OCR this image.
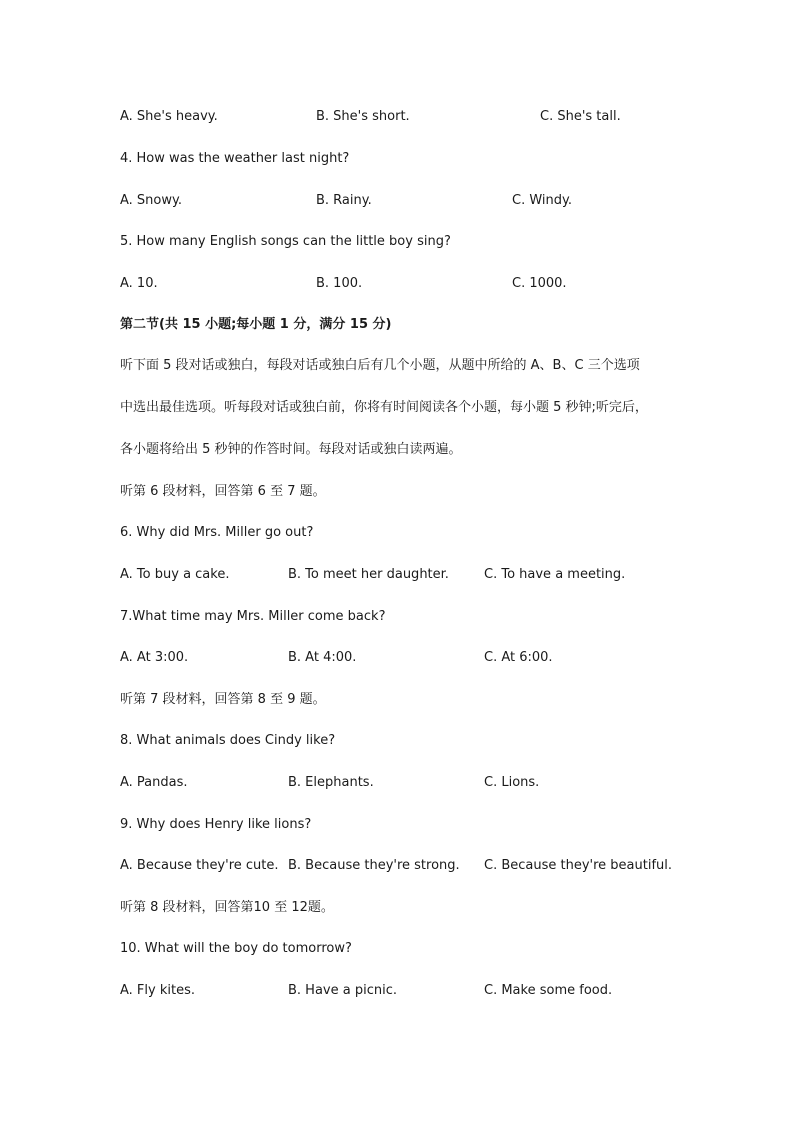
A. She's heavy.	B. She's short.	C. She's tall.
4. How was the weather last night?
A. Snowy.	B. Rainy.	C. Windy.
5. How many English songs can the little boy sing?
A. 10.	B. 100.	C. 1000.
第二节(共 15 小题;每小题 1 分，满分 15 分)
听下面 5 段对话或独白，每段对话或独白后有几个小题，从题中所给的 A、B、C 三个选项
中选出最佳选项。听每段对话或独白前，你将有时间阅读各个小题，每小题 5 秒钟;听完后，
各小题将给出 5 秒钟的作答时间。每段对话或独白读两遍。
听第 6 段材料，回答第 6 至 7 题。
6. Why did Mrs. Miller go out?
A. To buy a cake.	B. To meet her daughter.	C. To have a meeting.
7.What time may Mrs. Miller come back?
A. At 3:00.	B. At 4:00.	C. At 6:00.
听第 7 段材料，回答第 8 至 9 题。
8. What animals does Cindy like?
A. Pandas.	B. Elephants.	C. Lions.
9. Why does Henry like lions?
A. Because they're cute. B. Because they're strong. C. Because they're beautiful.
听第 8 段材料，回答第10 至 12题。
10. What will the boy do tomorrow?
A. Fly kites.	B. Have a picnic.	C. Make some food.
